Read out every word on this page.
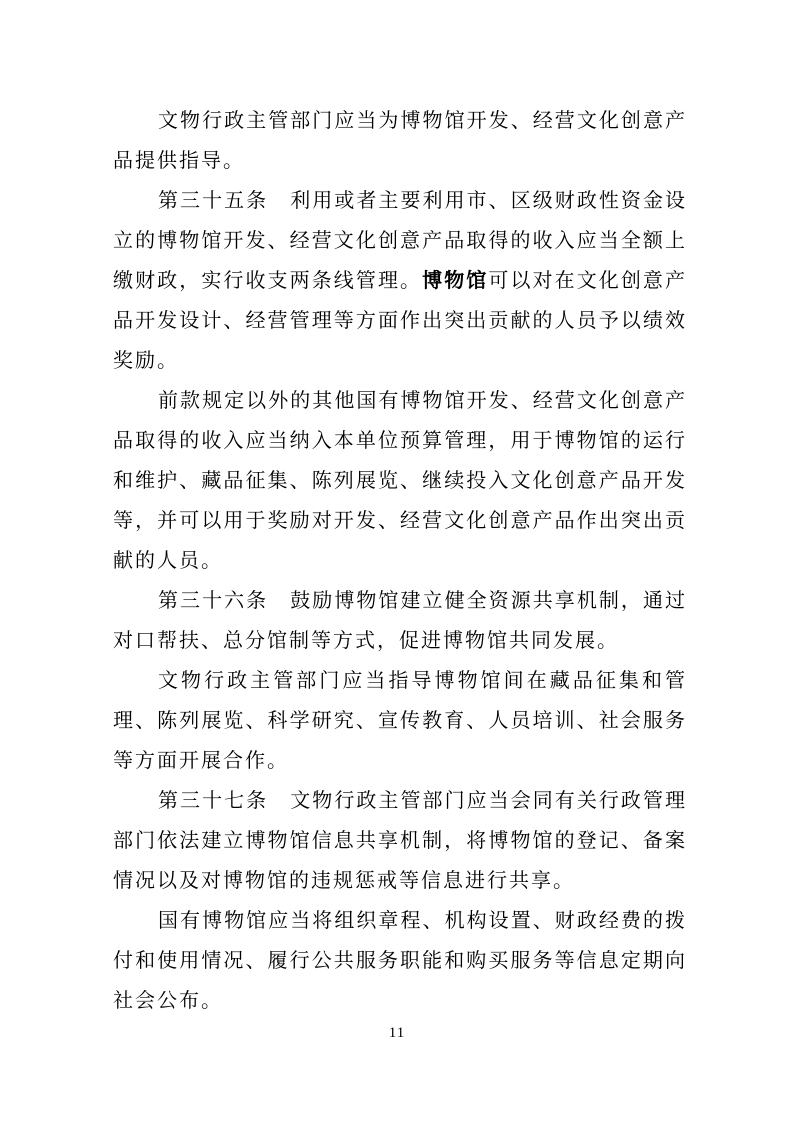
文物行政主管部门应当为博物馆开发、经营文化创意产品提供指导。

第三十五条　利用或者主要利用市、区级财政性资金设立的博物馆开发、经营文化创意产品取得的收入应当全额上缴财政，实行收支两条线管理。博物馆可以对在文化创意产品开发设计、经营管理等方面作出突出贡献的人员予以绩效奖励。

前款规定以外的其他国有博物馆开发、经营文化创意产品取得的收入应当纳入本单位预算管理，用于博物馆的运行和维护、藏品征集、陈列展览、继续投入文化创意产品开发等，并可以用于奖励对开发、经营文化创意产品作出突出贡献的人员。

第三十六条　鼓励博物馆建立健全资源共享机制，通过对口帮扶、总分馆制等方式，促进博物馆共同发展。

文物行政主管部门应当指导博物馆间在藏品征集和管理、陈列展览、科学研究、宣传教育、人员培训、社会服务等方面开展合作。

第三十七条　文物行政主管部门应当会同有关行政管理部门依法建立博物馆信息共享机制，将博物馆的登记、备案情况以及对博物馆的违规惩戒等信息进行共享。

国有博物馆应当将组织章程、机构设置、财政经费的拨付和使用情况、履行公共服务职能和购买服务等信息定期向社会公布。

11
